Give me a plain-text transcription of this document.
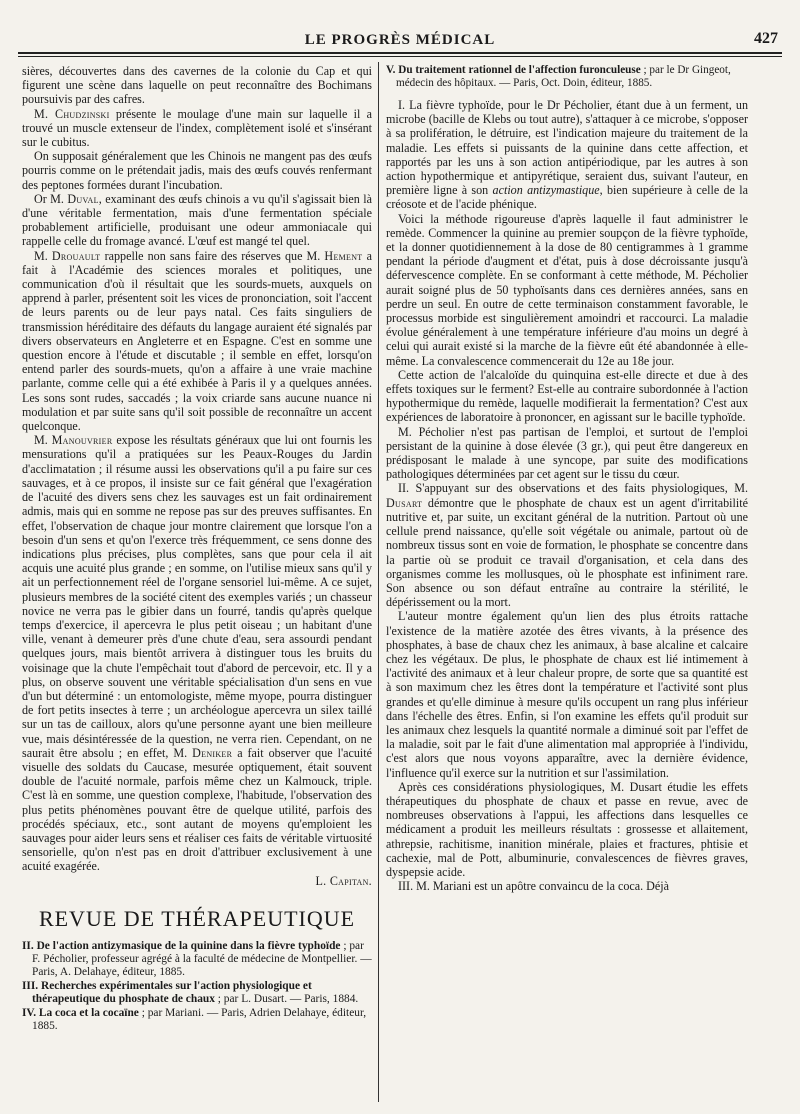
LE PROGRÈS MÉDICAL	427

sières, découvertes dans des cavernes de la colonie du Cap et qui figurent une scène dans laquelle on peut reconnaître des Bochimans poursuivis par des cafres.

M. Chudzinski présente le moulage d'une main sur laquelle il a trouvé un muscle extenseur de l'index, complètement isolé et s'insérant sur le cubitus.

On supposait généralement que les Chinois ne mangent pas des œufs pourris comme on le prétendait jadis, mais des œufs couvés renfermant des peptones formées durant l'incubation.

Or M. Duval, examinant des œufs chinois a vu qu'il s'agissait bien là d'une véritable fermentation, mais d'une fermentation spéciale probablement artificielle, produisant une odeur ammoniacale qui rappelle celle du fromage avancé. L'œuf est mangé tel quel.

M. Drouault rappelle non sans faire des réserves que M. Hement a fait à l'Académie des sciences morales et politiques, une communication d'où il résultait que les sourds-muets, auxquels on apprend à parler, présentent soit les vices de prononciation, soit l'accent de leurs parents ou de leur pays natal. Ces faits singuliers de transmission héréditaire des défauts du langage auraient été signalés par divers observateurs en Angleterre et en Espagne. C'est en somme une question encore à l'étude et discutable ; il semble en effet, lorsqu'on entend parler des sourds-muets, qu'on a affaire à une vraie machine parlante, comme celle qui a été exhibée à Paris il y a quelques années. Les sons sont rudes, saccadés ; la voix criarde sans aucune nuance ni modulation et par suite sans qu'il soit possible de reconnaître un accent quelconque.

M. Manouvrier expose les résultats généraux que lui ont fournis les mensurations qu'il a pratiquées sur les Peaux-Rouges du Jardin d'acclimatation ; il résume aussi les observations qu'il a pu faire sur ces sauvages, et à ce propos, il insiste sur ce fait général que l'exagération de l'acuité des divers sens chez les sauvages est un fait ordinairement admis, mais qui en somme ne repose pas sur des preuves suffisantes. En effet, l'observation de chaque jour montre clairement que lorsque l'on a besoin d'un sens et qu'on l'exerce très fréquemment, ce sens donne des indications plus précises, plus complètes, sans que pour cela il ait acquis une acuité plus grande ; en somme, on l'utilise mieux sans qu'il y ait un perfectionnement réel de l'organe sensoriel lui-même. A ce sujet, plusieurs membres de la société citent des exemples variés ; un chasseur novice ne verra pas le gibier dans un fourré, tandis qu'après quelque temps d'exercice, il apercevra le plus petit oiseau ; un habitant d'une ville, venant à demeurer près d'une chute d'eau, sera assourdi pendant quelques jours, mais bientôt arrivera à distinguer tous les bruits du voisinage que la chute l'empêchait tout d'abord de percevoir, etc. Il y a plus, on observe souvent une véritable spécialisation d'un sens en vue d'un but déterminé : un entomologiste, même myope, pourra distinguer de fort petits insectes à terre ; un archéologue apercevra un silex taillé sur un tas de cailloux, alors qu'une personne ayant une bien meilleure vue, mais désintéressée de la question, ne verra rien. Cependant, on ne saurait être absolu ; en effet, M. Deniker a fait observer que l'acuité visuelle des soldats du Caucase, mesurée optiquement, était souvent double de l'acuité normale, parfois même chez un Kalmouck, triple. C'est là en somme, une question complexe, l'habitude, l'observation des plus petits phénomènes pouvant être de quelque utilité, parfois des procédés spéciaux, etc., sont autant de moyens qu'emploient les sauvages pour aider leurs sens et réaliser ces faits de véritable virtuosité sensorielle, qu'on n'est pas en droit d'attribuer exclusivement à une acuité exagérée.

L. Capitan.

REVUE DE THÉRAPEUTIQUE
II. De l'action antizymasique de la quinine dans la fièvre typhoïde ; par F. Pécholier, professeur agrégé à la faculté de médecine de Montpellier. — Paris, A. Delahaye, éditeur, 1885.
III. Recherches expérimentales sur l'action physiologique et thérapeutique du phosphate de chaux ; par L. Dusart. — Paris, 1884.
IV. La coca et la cocaïne ; par Mariani. — Paris, Adrien Delahaye, éditeur, 1885.
V. Du traitement rationnel de l'affection furonculeuse ; par le Dr Gingeot, médecin des hôpitaux. — Paris, Oct. Doin, éditeur, 1885.

I. La fièvre typhoïde, pour le Dr Pécholier, étant due à un ferment, un microbe (bacille de Klebs ou tout autre), s'attaquer à ce microbe, s'opposer à sa prolifération, le détruire, est l'indication majeure du traitement de la maladie. Les effets si puissants de la quinine dans cette affection, et rapportés par les uns à son action antipériodique, par les autres à son action hypothermique et antipyrétique, seraient dus, suivant l'auteur, en première ligne à son action antizymastique, bien supérieure à celle de la créosote et de l'acide phénique.

Voici la méthode rigoureuse d'après laquelle il faut administrer le remède. Commencer la quinine au premier soupçon de la fièvre typhoïde, et la donner quotidiennement à la dose de 80 centigrammes à 1 gramme pendant la période d'augment et d'état, puis à dose décroissante jusqu'à défervescence complète. En se conformant à cette méthode, M. Pécholier aurait soigné plus de 50 typhoïsants dans ces dernières années, sans en perdre un seul. En outre de cette terminaison constamment favorable, le processus morbide est singulièrement amoindri et raccourci. La maladie évolue généralement à une température inférieure d'au moins un degré à celui qui aurait existé si la marche de la fièvre eût été abandonnée à elle-même. La convalescence commencerait du 12e au 18e jour.

Cette action de l'alcaloïde du quinquina est-elle directe et due à des effets toxiques sur le ferment? Est-elle au contraire subordonnée à l'action hypothermique du remède, laquelle modifierait la fermentation? C'est aux expériences de laboratoire à prononcer, en agissant sur le bacille typhoïde.

M. Pécholier n'est pas partisan de l'emploi, et surtout de l'emploi persistant de la quinine à dose élevée (3 gr.), qui peut être dangereux en prédisposant le malade à une syncope, par suite des modifications pathologiques déterminées par cet agent sur le tissu du cœur.

II. S'appuyant sur des observations et des faits physiologiques, M. Dusart démontre que le phosphate de chaux est un agent d'irritabilité nutritive et, par suite, un excitant général de la nutrition. Partout où une cellule prend naissance, qu'elle soit végétale ou animale, partout où de nombreux tissus sont en voie de formation, le phosphate se concentre dans la partie où se produit ce travail d'organisation, et cela dans des organismes comme les mollusques, où le phosphate est infiniment rare. Son absence ou son défaut entraîne au contraire la stérilité, le dépérissement ou la mort.

L'auteur montre également qu'un lien des plus étroits rattache l'existence de la matière azotée des êtres vivants, à la présence des phosphates, à base de chaux chez les animaux, à base alcaline et calcaire chez les végétaux. De plus, le phosphate de chaux est lié intimement à l'activité des animaux et à leur chaleur propre, de sorte que sa quantité est à son maximum chez les êtres dont la température et l'activité sont plus grandes et qu'elle diminue à mesure qu'ils occupent un rang plus inférieur dans l'échelle des êtres. Enfin, si l'on examine les effets qu'il produit sur les animaux chez lesquels la quantité normale a diminué soit par l'effet de la maladie, soit par le fait d'une alimentation mal appropriée à l'individu, c'est alors que nous voyons apparaître, avec la dernière évidence, l'influence qu'il exerce sur la nutrition et sur l'assimilation.

Après ces considérations physiologiques, M. Dusart étudie les effets thérapeutiques du phosphate de chaux et passe en revue, avec de nombreuses observations à l'appui, les affections dans lesquelles ce médicament a produit les meilleurs résultats : grossesse et allaitement, athrepsie, rachitisme, inanition minérale, plaies et fractures, phtisie et cachexie, mal de Pott, albuminurie, convalescences de fièvres graves, dyspepsie acide.

III. M. Mariani est un apôtre convaincu de la coca. Déjà
